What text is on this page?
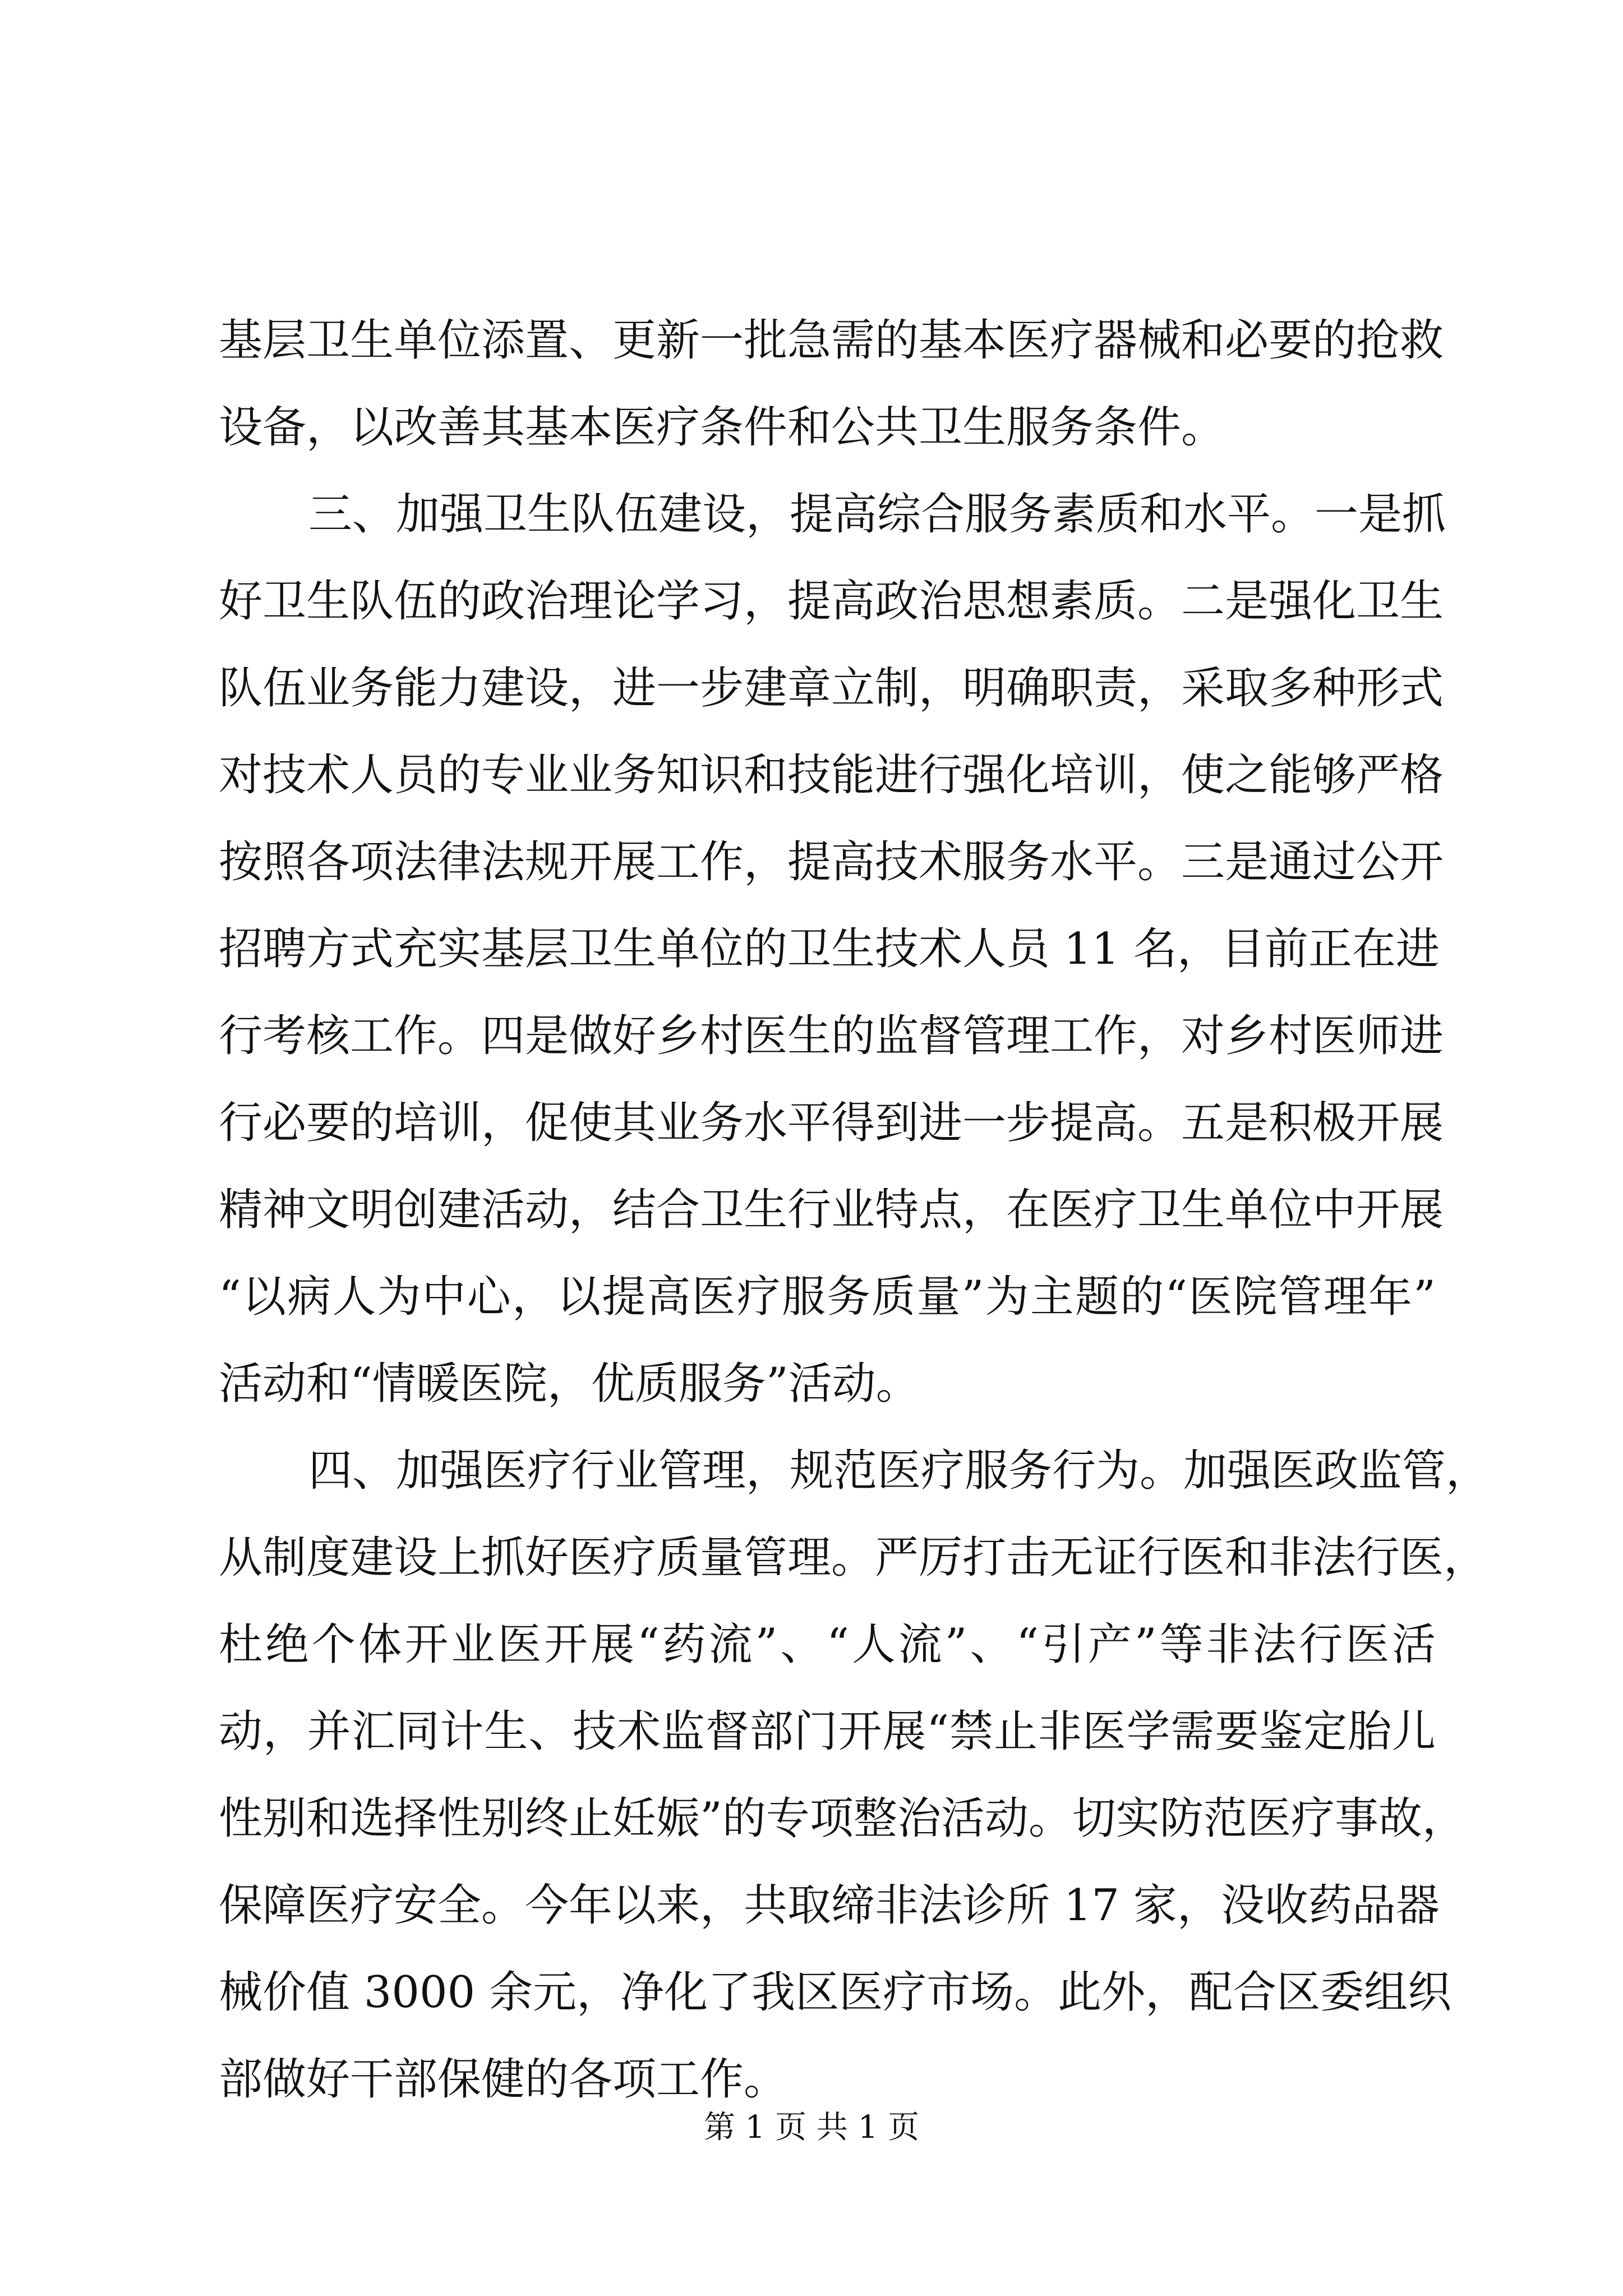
基层卫生单位添置、更新一批急需的基本医疗器械和必要的抢救
设备，以改善其基本医疗条件和公共卫生服务条件。
三、加强卫生队伍建设，提高综合服务素质和水平。一是抓
好卫生队伍的政治理论学习，提高政治思想素质。二是强化卫生
队伍业务能力建设，进一步建章立制，明确职责，采取多种形式
对技术人员的专业业务知识和技能进行强化培训，使之能够严格
按照各项法律法规开展工作，提高技术服务水平。三是通过公开
招聘方式充实基层卫生单位的卫生技术人员 11 名，目前正在进
行考核工作。四是做好乡村医生的监督管理工作，对乡村医师进
行必要的培训，促使其业务水平得到进一步提高。五是积极开展
精神文明创建活动，结合卫生行业特点，在医疗卫生单位中开展
“以病人为中心，以提高医疗服务质量”为主题的“医院管理年”
活动和“情暖医院，优质服务”活动。
四、加强医疗行业管理，规范医疗服务行为。加强医政监管，
从制度建设上抓好医疗质量管理。严厉打击无证行医和非法行医，
杜绝个体开业医开展“药流”、“人流”、“引产”等非法行医活
动，并汇同计生、技术监督部门开展“禁止非医学需要鉴定胎儿
性别和选择性别终止妊娠”的专项整治活动。切实防范医疗事故，
保障医疗安全。今年以来，共取缔非法诊所 17 家，没收药品器
械价值 3000 余元，净化了我区医疗市场。此外，配合区委组织
部做好干部保健的各项工作。
第 1 页 共 1 页
